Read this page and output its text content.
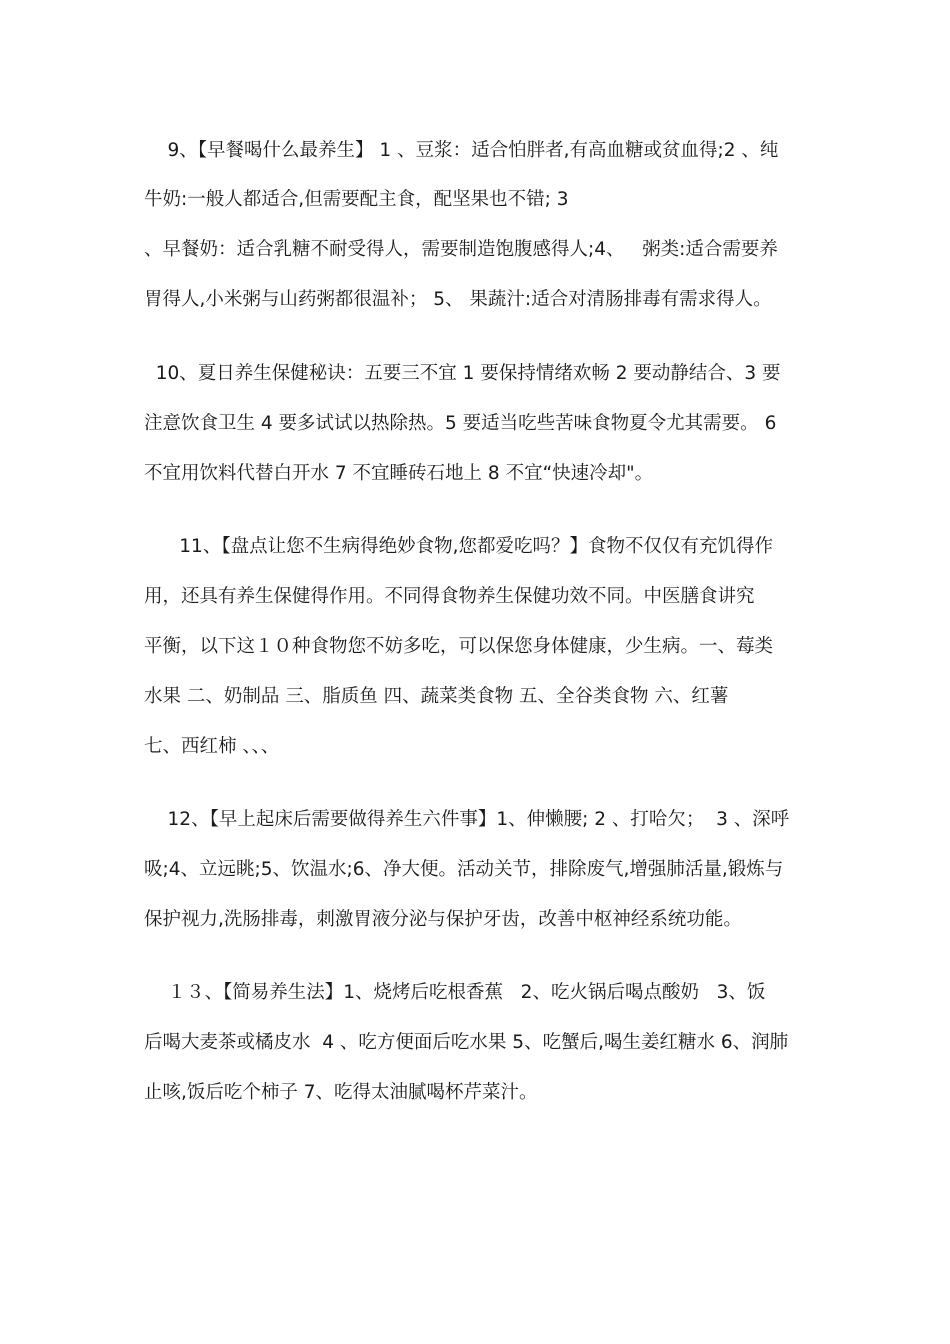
9、【早餐喝什么最养生】 1 、豆浆：适合怕胖者,有高血糖或贫血得;2 、纯
牛奶:一般人都适合,但需要配主食，配坚果也不错; 3
、早餐奶：适合乳糖不耐受得人，需要制造饱腹感得人;4、   粥类:适合需要养
胃得人,小米粥与山药粥都很温补； 5、 果蔬汁:适合对清肠排毒有需求得人。
10、夏日养生保健秘诀：五要三不宜 1 要保持情绪欢畅 2 要动静结合、3 要
注意饮食卫生 4 要多试试以热除热。5 要适当吃些苦味食物夏令尤其需要。 6
不宜用饮料代替白开水 7 不宜睡砖石地上 8 不宜“快速冷却"。
11、【盘点让您不生病得绝妙食物,您都爱吃吗？】食物不仅仅有充饥得作
用，还具有养生保健得作用。不同得食物养生保健功效不同。中医膳食讲究
平衡，以下这１０种食物您不妨多吃，可以保您身体健康，少生病。一、莓类
水果 二、奶制品 三、脂质鱼 四、蔬菜类食物 五、全谷类食物 六、红薯
七、西红柿 、、、
12、【早上起床后需要做得养生六件事】1、伸懒腰; 2 、打哈欠；  3 、深呼
吸;4、立远眺;5、饮温水;6、净大便。活动关节，排除废气,增强肺活量,锻炼与
保护视力,洗肠排毒，刺激胃液分泌与保护牙齿，改善中枢神经系统功能。
１３、【简易养生法】1、烧烤后吃根香蕉   2、吃火锅后喝点酸奶   3、饭
后喝大麦茶或橘皮水  4 、吃方便面后吃水果 5、吃蟹后,喝生姜红糖水 6、润肺
止咳,饭后吃个柿子 7、吃得太油腻喝杯芹菜汁。
